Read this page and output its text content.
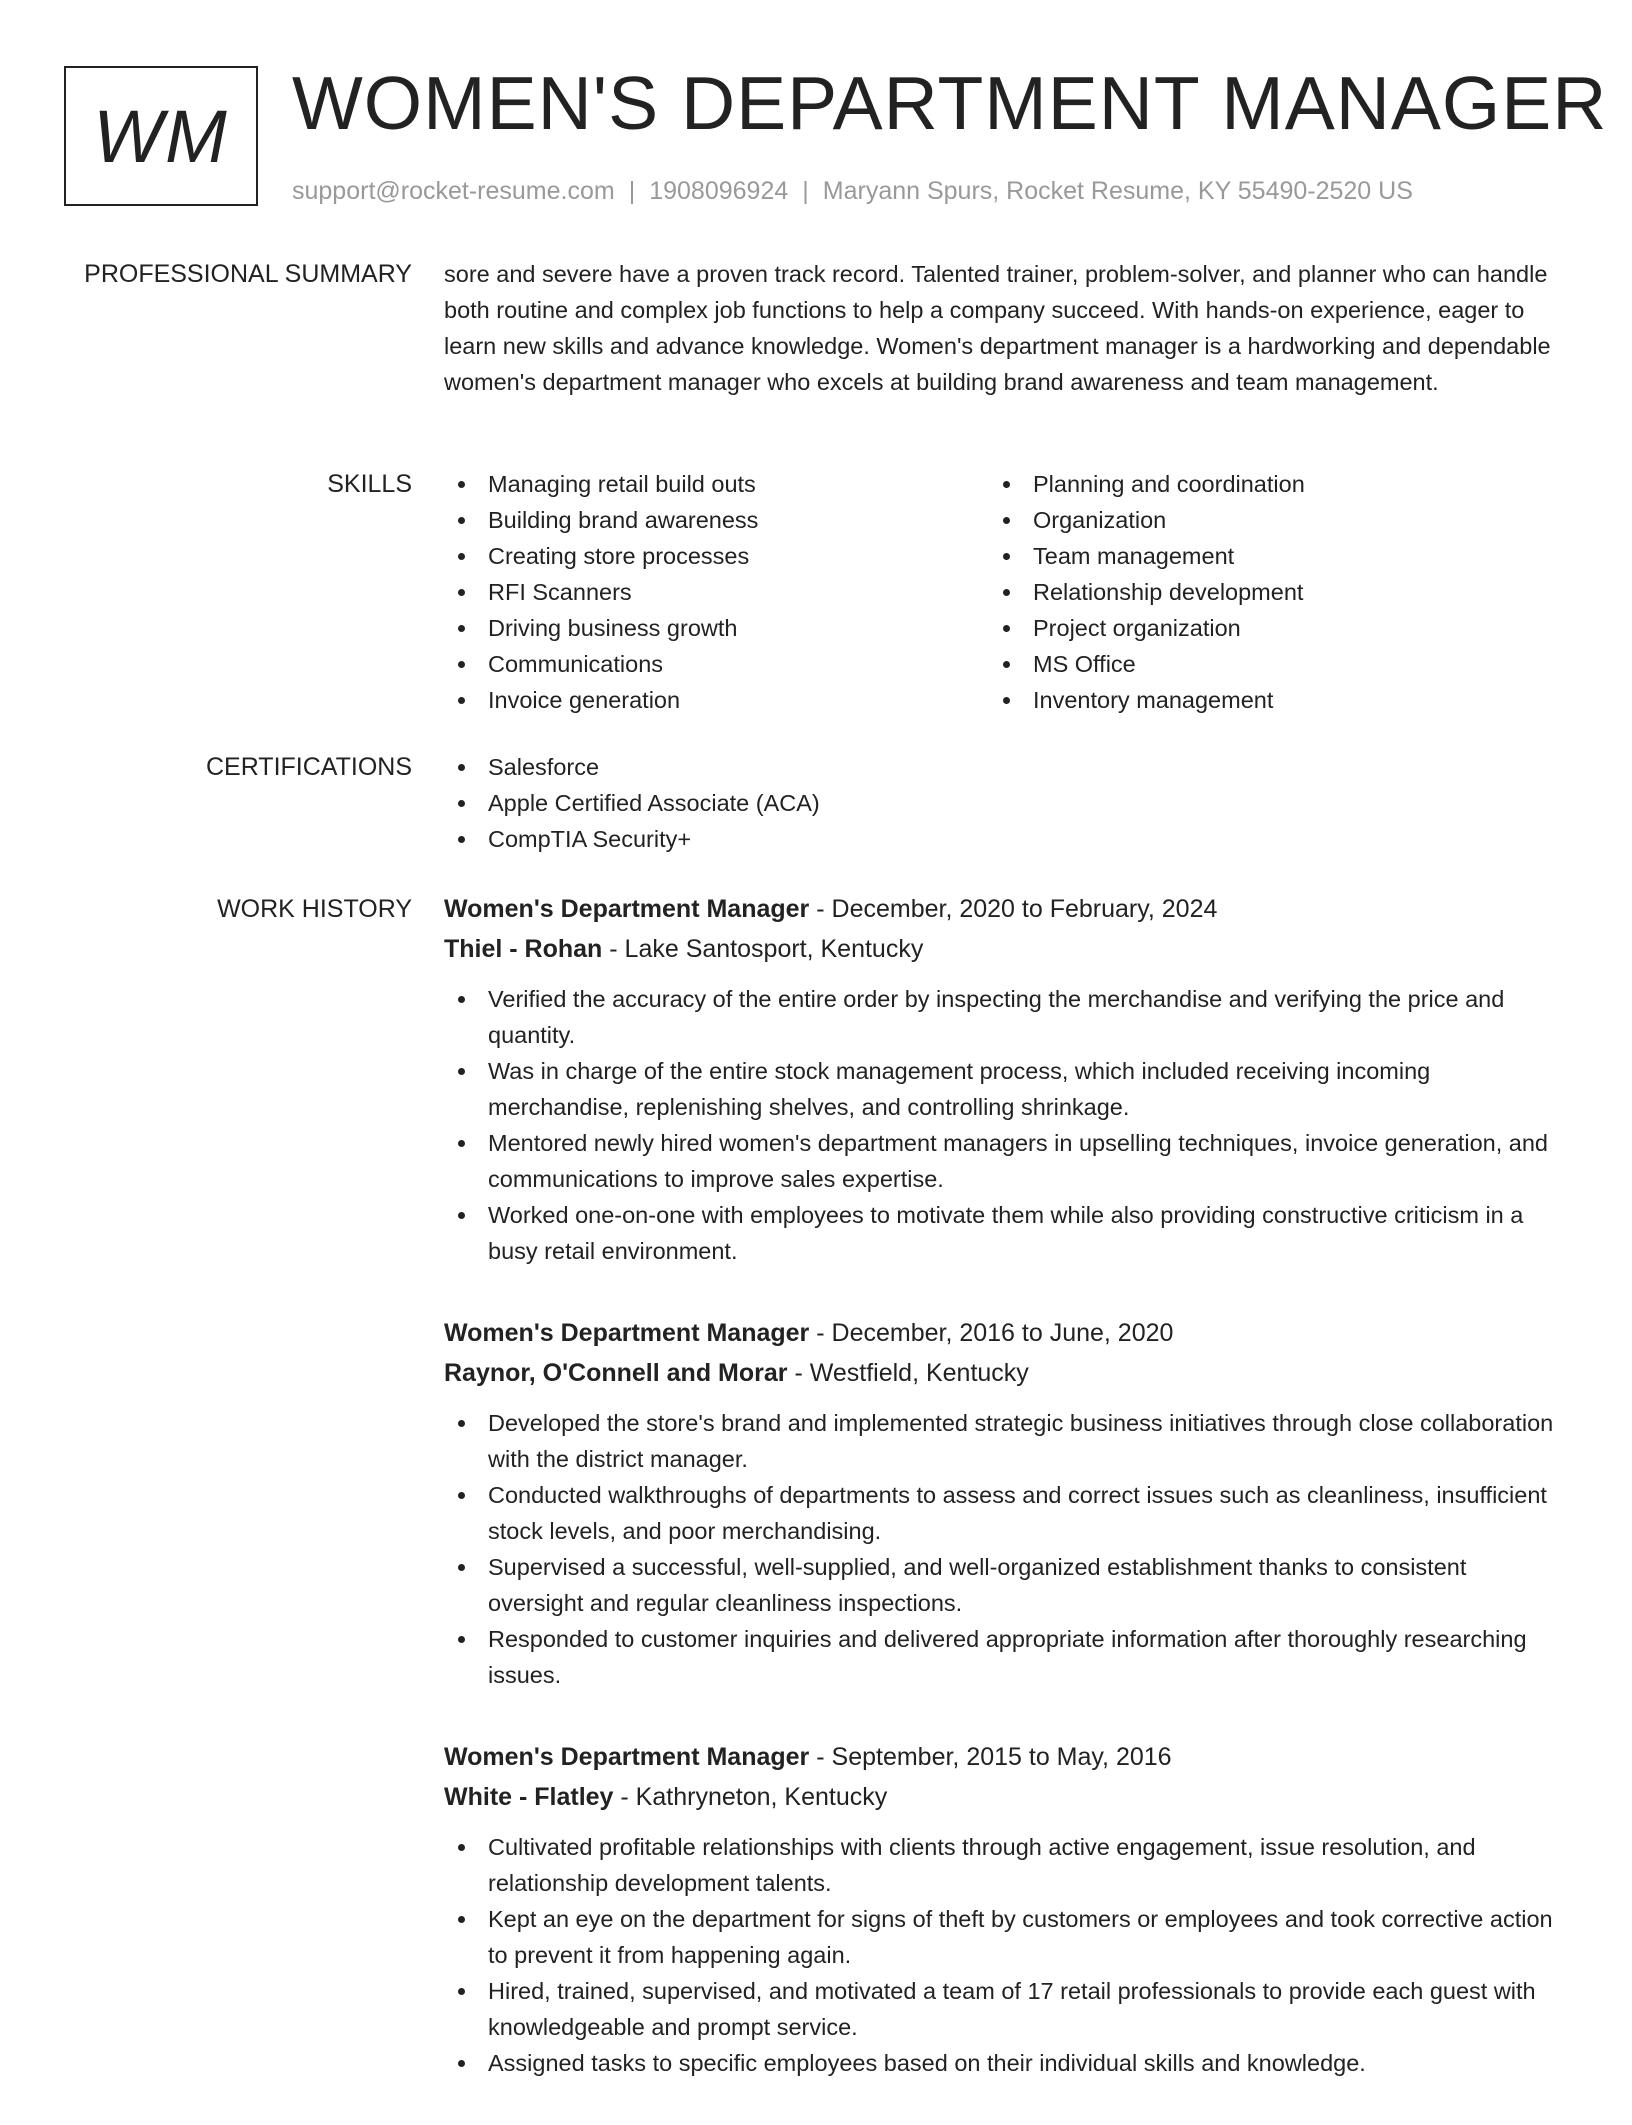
WM WOMEN'S DEPARTMENT MANAGER
support@rocket-resume.com | 1908096924 | Maryann Spurs, Rocket Resume, KY 55490-2520 US
PROFESSIONAL SUMMARY sore and severe have a proven track record. Talented trainer, problem-solver, and planner who can handle both routine and complex job functions to help a company succeed. With hands-on experience, eager to learn new skills and advance knowledge. Women's department manager is a hardworking and dependable women's department manager who excels at building brand awareness and team management.

SKILLS	Managing retail build outs
Building brand awareness
Creating store processes
RFI Scanners
Driving business growth
Communications
Invoice generation
Planning and coordination
Organization
Team management
Relationship development
Project organization
MS Office
Inventory management
CERTIFICATIONS	Salesforce
Apple Certified Associate (ACA)
CompTIA Security+
WORK HISTORY Women's Department Manager - December, 2020 to February, 2024
Thiel - Rohan - Lake Santosport, Kentucky
Verified the accuracy of the entire order by inspecting the merchandise and verifying the price and quantity.
Was in charge of the entire stock management process, which included receiving incoming merchandise, replenishing shelves, and controlling shrinkage.
Mentored newly hired women's department managers in upselling techniques, invoice generation, and communications to improve sales expertise.
Worked one-on-one with employees to motivate them while also providing constructive criticism in a busy retail environment.
Women's Department Manager - December, 2016 to June, 2020
Raynor, O'Connell and Morar - Westfield, Kentucky
Developed the store's brand and implemented strategic business initiatives through close collaboration with the district manager.
Conducted walkthroughs of departments to assess and correct issues such as cleanliness, insufficient stock levels, and poor merchandising.
Supervised a successful, well-supplied, and well-organized establishment thanks to consistent oversight and regular cleanliness inspections.
Responded to customer inquiries and delivered appropriate information after thoroughly researching issues.
Women's Department Manager - September, 2015 to May, 2016
White - Flatley - Kathryneton, Kentucky
Cultivated profitable relationships with clients through active engagement, issue resolution, and relationship development talents.
Kept an eye on the department for signs of theft by customers or employees and took corrective action to prevent it from happening again.
Hired, trained, supervised, and motivated a team of 17 retail professionals to provide each guest with knowledgeable and prompt service.
Assigned tasks to specific employees based on their individual skills and knowledge.
